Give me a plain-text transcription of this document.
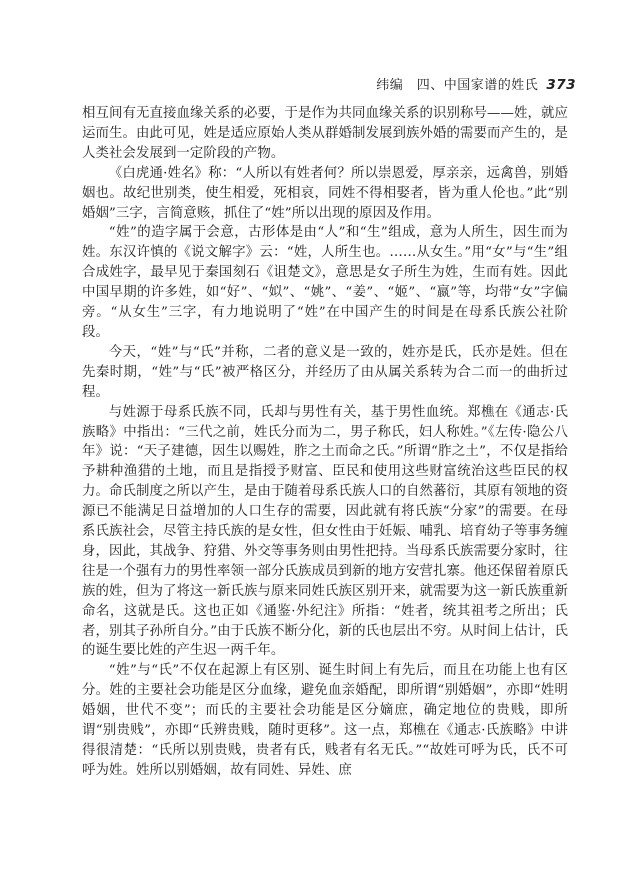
纬编　四、中国家谱的姓氏 373

相互间有无直接血缘关系的必要，于是作为共同血缘关系的识别称号——姓，就应运而生。由此可见，姓是适应原始人类从群婚制发展到族外婚的需要而产生的，是人类社会发展到一定阶段的产物。

《白虎通·姓名》称：“人所以有姓者何？所以崇恩爱，厚亲亲，远禽兽，别婚姻也。故纪世别类，使生相爱，死相哀，同姓不得相娶者，皆为重人伦也。”此“别婚姻”三字，言简意赅，抓住了“姓”所以出现的原因及作用。

“姓”的造字属于会意，古形体是由“人”和“生”组成，意为人所生，因生而为姓。东汉许慎的《说文解字》云：“姓，人所生也。……从女生。”用“女”与“生”组合成姓字，最早见于秦国刻石《诅楚文》，意思是女子所生为姓，生而有姓。因此中国早期的许多姓，如“好”、“姒”、“姚”、“姜”、“姬”、“嬴”等，均带“女”字偏旁。“从女生”三字，有力地说明了“姓”在中国产生的时间是在母系氏族公社阶段。

今天，“姓”与“氏”并称，二者的意义是一致的，姓亦是氏，氏亦是姓。但在先秦时期，“姓”与“氏”被严格区分，并经历了由从属关系转为合二而一的曲折过程。

与姓源于母系氏族不同，氏却与男性有关，基于男性血统。郑樵在《通志·氏族略》中指出：“三代之前，姓氏分而为二，男子称氏，妇人称姓。”《左传·隐公八年》说：“天子建德，因生以赐姓，胙之土而命之氏。”所谓“胙之土”，不仅是指给予耕种渔猎的土地，而且是指授予财富、臣民和使用这些财富统治这些臣民的权力。命氏制度之所以产生，是由于随着母系氏族人口的自然蕃衍，其原有领地的资源已不能满足日益增加的人口生存的需要，因此就有将氏族“分家”的需要。在母系氏族社会，尽管主持氏族的是女性，但女性由于妊娠、哺乳、培育幼子等事务缠身，因此，其战争、狩猎、外交等事务则由男性把持。当母系氏族需要分家时，往往是一个强有力的男性率领一部分氏族成员到新的地方安营扎寨。他还保留着原氏族的姓，但为了将这一新氏族与原来同姓氏族区别开来，就需要为这一新氏族重新命名，这就是氏。这也正如《通鉴·外纪注》所指：“姓者，统其祖考之所出；氏者，别其子孙所自分。”由于氏族不断分化，新的氏也层出不穷。从时间上估计，氏的诞生要比姓的产生迟一两千年。

“姓”与“氏”不仅在起源上有区别、诞生时间上有先后，而且在功能上也有区分。姓的主要社会功能是区分血缘，避免血亲婚配，即所谓“别婚姻”，亦即“姓明婚姻，世代不变”；而氏的主要社会功能是区分嫡庶，确定地位的贵贱，即所谓“别贵贱”，亦即“氏辨贵贱，随时更移”。这一点，郑樵在《通志·氏族略》中讲得很清楚：“氏所以别贵贱，贵者有氏，贱者有名无氏。”“故姓可呼为氏，氏不可呼为姓。姓所以别婚姻，故有同姓、异姓、庶
